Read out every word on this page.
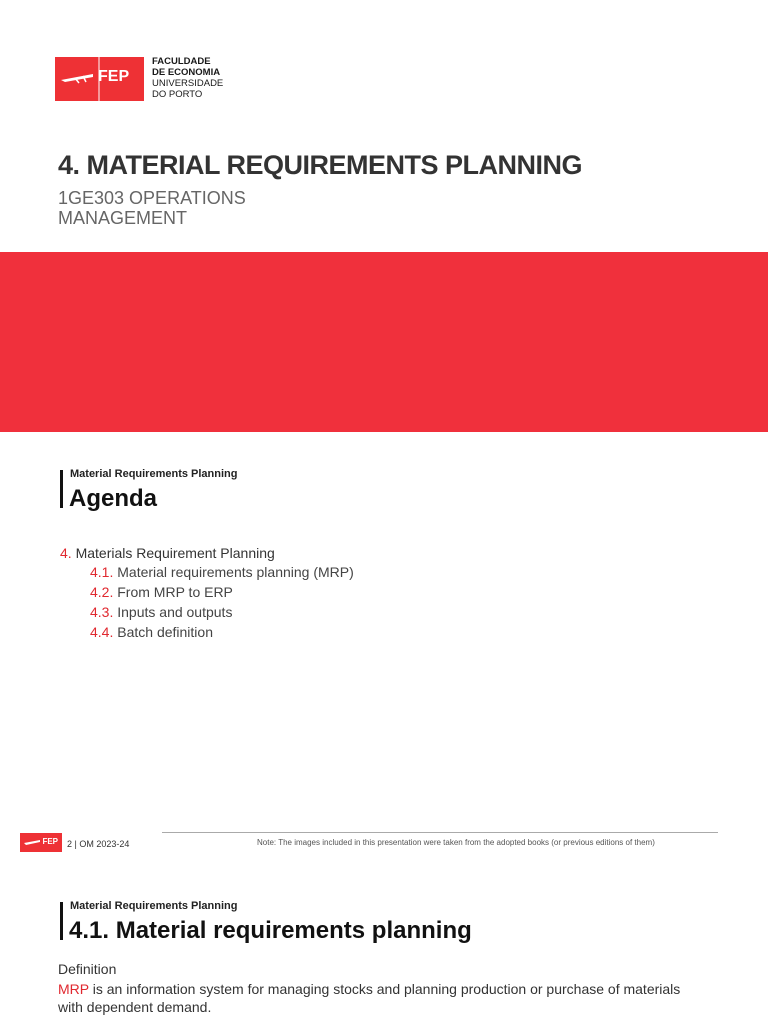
FEP
FACULDADE
DE ECONOMIA
UNIVERSIDADE
DO PORTO
4. MATERIAL REQUIREMENTS PLANNING
1GE303 OPERATIONS
MANAGEMENT
Material Requirements Planning
Agenda
4. Materials Requirement Planning
4.1. Material requirements planning (MRP)
4.2. From MRP to ERP
4.3. Inputs and outputs
4.4. Batch definition
FEP 2 | OM 2023-24	Note: The images included in this presentation were taken from the adopted books (or previous editions of them)
Material Requirements Planning
4.1. Material requirements planning
Definition
MRP is an information system for managing stocks and planning production or purchase of materials with dependent demand.
